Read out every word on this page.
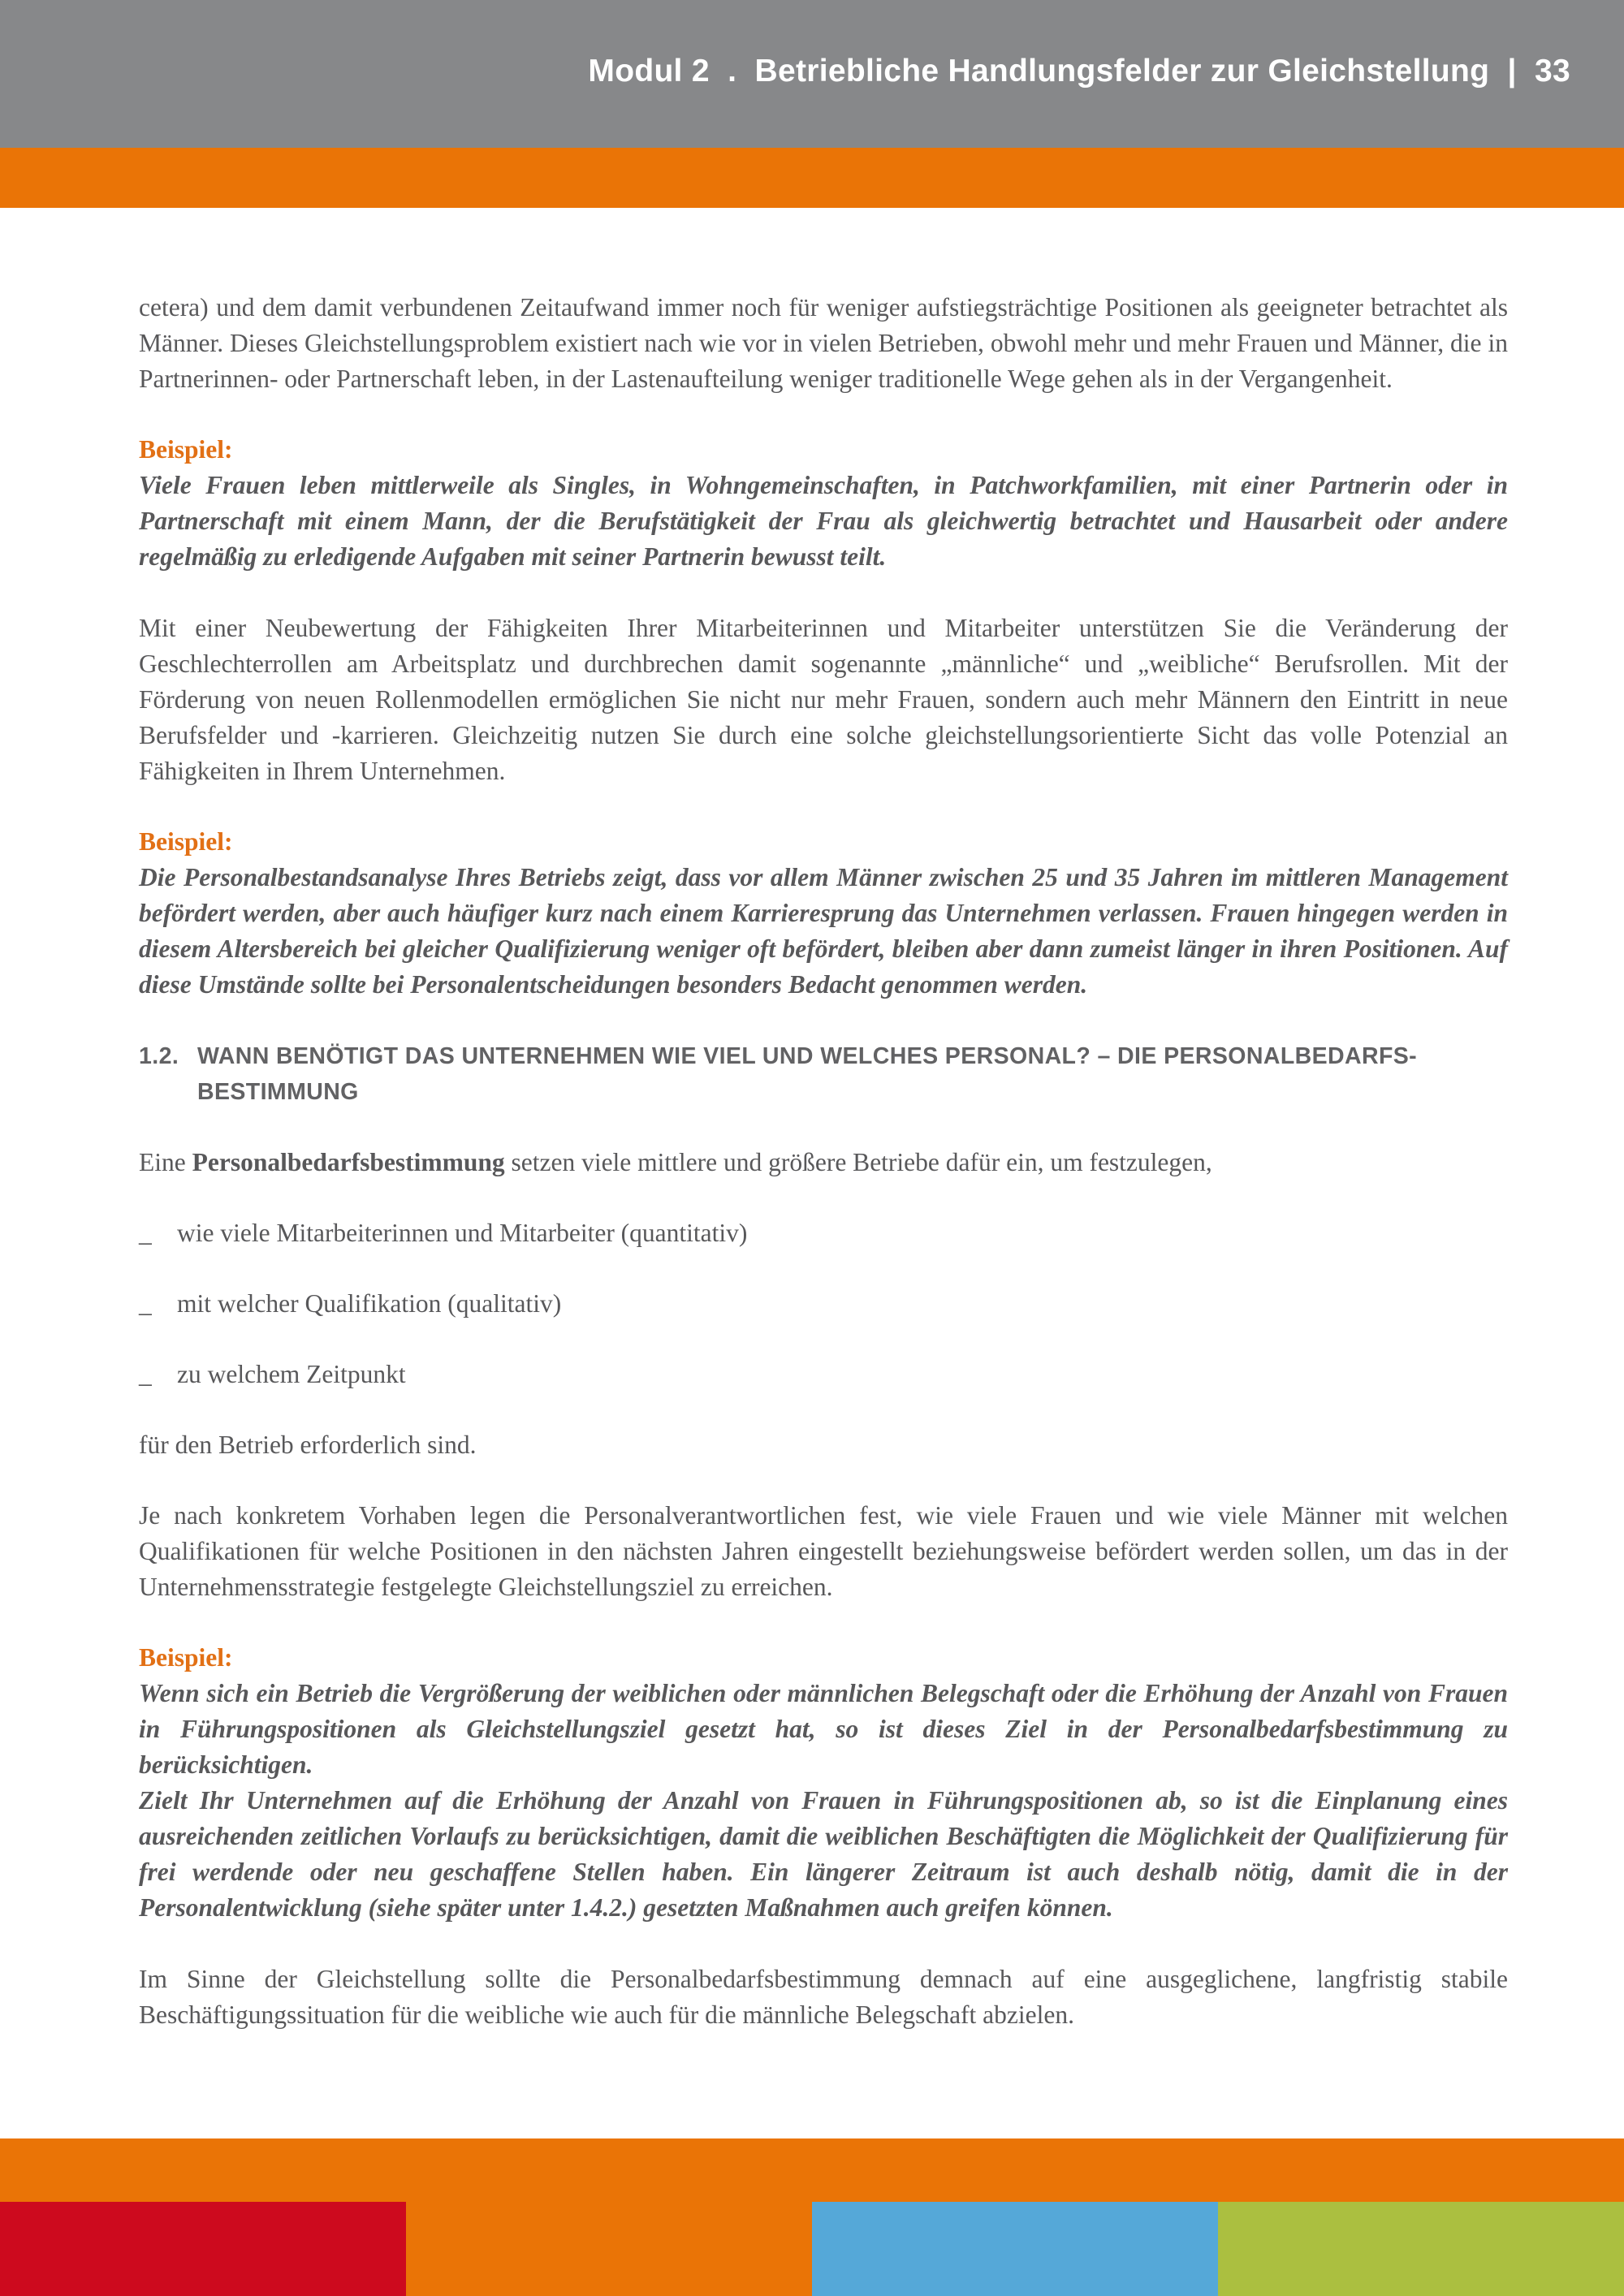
Modul 2  .  Betriebliche Handlungsfelder zur Gleichstellung  |  33

cetera) und dem damit verbundenen Zeitaufwand immer noch für weniger aufstiegsträchtige Positionen als geeigneter betrachtet als Männer. Dieses Gleichstellungsproblem existiert nach wie vor in vielen Betrieben, obwohl mehr und mehr Frauen und Männer, die in Partnerinnen- oder Partnerschaft leben, in der Lastenaufteilung weniger traditionelle Wege gehen als in der Vergangenheit.

Beispiel:

Viele Frauen leben mittlerweile als Singles, in Wohngemeinschaften, in Patchworkfamilien, mit einer Partnerin oder in Partnerschaft mit einem Mann, der die Berufstätigkeit der Frau als gleichwertig betrachtet und Hausarbeit oder andere regelmäßig zu erledigende Aufgaben mit seiner Partnerin bewusst teilt.

Mit einer Neubewertung der Fähigkeiten Ihrer Mitarbeiterinnen und Mitarbeiter unterstützen Sie die Veränderung der Geschlechterrollen am Arbeitsplatz und durchbrechen damit sogenannte „männliche“ und „weibliche“ Berufsrollen. Mit der Förderung von neuen Rollenmodellen ermöglichen Sie nicht nur mehr Frauen, sondern auch mehr Männern den Eintritt in neue Berufsfelder und -karrieren. Gleichzeitig nutzen Sie durch eine solche gleichstellungsorientierte Sicht das volle Potenzial an Fähigkeiten in Ihrem Unternehmen.

Beispiel:

Die Personalbestandsanalyse Ihres Betriebs zeigt, dass vor allem Männer zwischen 25 und 35 Jahren im mittleren Management befördert werden, aber auch häufiger kurz nach einem Karrieresprung das Unternehmen verlassen. Frauen hingegen werden in diesem Altersbereich bei gleicher Qualifizierung weniger oft befördert, bleiben aber dann zumeist länger in ihren Positionen. Auf diese Umstände sollte bei Personalentscheidungen besonders Bedacht genommen werden.

1.2. WANN BENÖTIGT DAS UNTERNEHMEN WIE VIEL UND WELCHES PERSONAL? – DIE PERSONALBEDARFS-BESTIMMUNG

Eine Personalbedarfsbestimmung setzen viele mittlere und größere Betriebe dafür ein, um festzulegen,

_ wie viele Mitarbeiterinnen und Mitarbeiter (quantitativ)
_ mit welcher Qualifikation (qualitativ)
_ zu welchem Zeitpunkt

für den Betrieb erforderlich sind.

Je nach konkretem Vorhaben legen die Personalverantwortlichen fest, wie viele Frauen und wie viele Männer mit welchen Qualifikationen für welche Positionen in den nächsten Jahren eingestellt beziehungsweise befördert werden sollen, um das in der Unternehmensstrategie festgelegte Gleichstellungsziel zu erreichen.

Beispiel:

Wenn sich ein Betrieb die Vergrößerung der weiblichen oder männlichen Belegschaft oder die Erhöhung der Anzahl von Frauen in Führungspositionen als Gleichstellungsziel gesetzt hat, so ist dieses Ziel in der Personalbedarfsbestimmung zu berücksichtigen.

Zielt Ihr Unternehmen auf die Erhöhung der Anzahl von Frauen in Führungspositionen ab, so ist die Einplanung eines ausreichenden zeitlichen Vorlaufs zu berücksichtigen, damit die weiblichen Beschäftigten die Möglichkeit der Qualifizierung für frei werdende oder neu geschaffene Stellen haben. Ein längerer Zeitraum ist auch deshalb nötig, damit die in der Personalentwicklung (siehe später unter 1.4.2.) gesetzten Maßnahmen auch greifen können.

Im Sinne der Gleichstellung sollte die Personalbedarfsbestimmung demnach auf eine ausgeglichene, langfristig stabile Beschäftigungssituation für die weibliche wie auch für die männliche Belegschaft abzielen.
